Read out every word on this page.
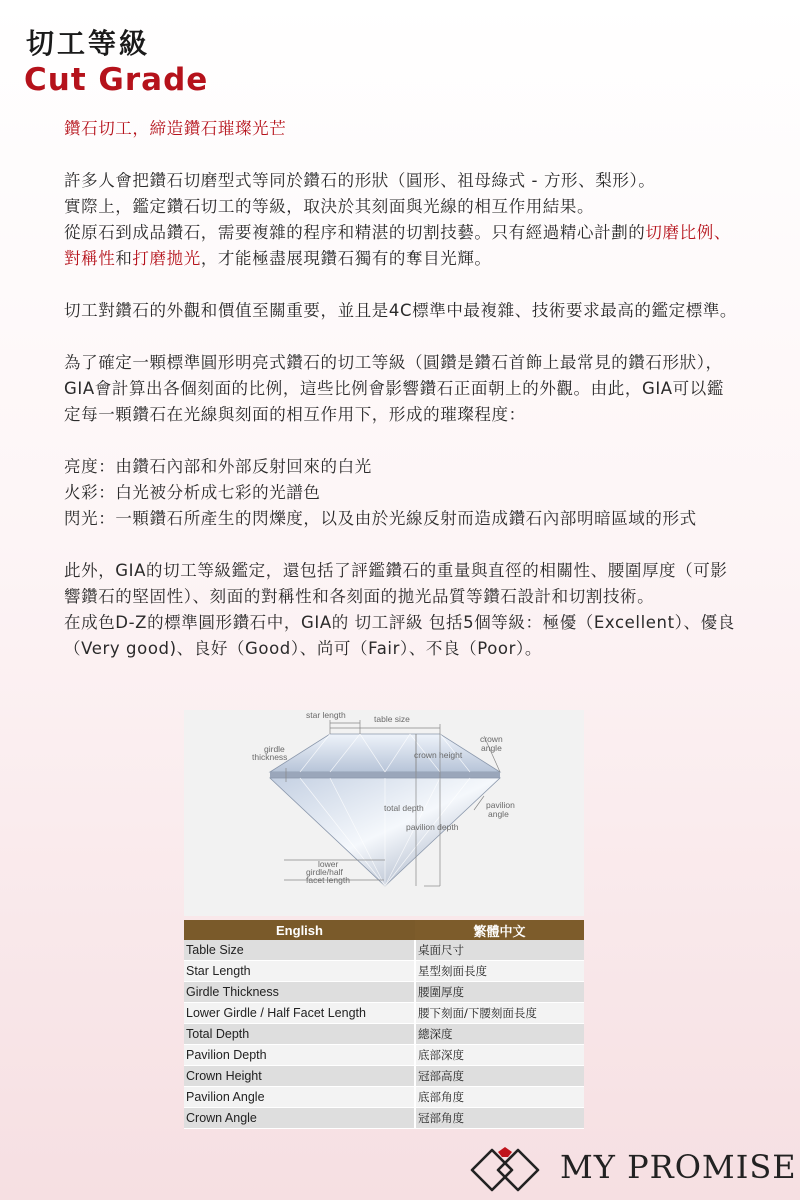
切工等級
Cut Grade

鑽石切工，締造鑽石璀璨光芒

許多人會把鑽石切磨型式等同於鑽石的形狀（圓形、祖母綠式 - 方形、梨形）。
實際上，鑑定鑽石切工的等級，取決於其刻面與光線的相互作用結果。
從原石到成品鑽石，需要複雜的程序和精湛的切割技藝。只有經過精心計劃的切磨比例、對稱性和打磨拋光，才能極盡展現鑽石獨有的奪目光輝。

切工對鑽石的外觀和價值至關重要，並且是4C標準中最複雜、技術要求最高的鑑定標準。

為了確定一顆標準圓形明亮式鑽石的切工等級（圓鑽是鑽石首飾上最常見的鑽石形狀），GIA會計算出各個刻面的比例，這些比例會影響鑽石正面朝上的外觀。由此，GIA可以鑑定每一顆鑽石在光線與刻面的相互作用下，形成的璀璨程度：

亮度： 由鑽石內部和外部反射回來的白光
火彩： 白光被分析成七彩的光譜色
閃光： 一顆鑽石所產生的閃爍度，以及由於光線反射而造成鑽石內部明暗區域的形式

此外，GIA的切工等級鑑定，還包括了評鑑鑽石的重量與直徑的相關性、腰圍厚度（可影響鑽石的堅固性）、刻面的對稱性和各刻面的拋光品質等鑽石設計和切割技術。

在成色D-Z的標準圓形鑽石中，GIA的 切工評級 包括5個等級：極優（Excellent）、優良（Very good)、良好（Good）、尚可（Fair）、不良（Poor）。

star length	table size
girdle
thickness
crown
angle
crown height
total depth	pavilion
angle
pavilion depth
lower
girdle/half
facet length
English	繁體中文
Table Size	桌面尺寸
Star Length	星型刻面長度
Girdle Thickness	腰圍厚度
Lower Girdle / Half Facet Length	腰下刻面/下腰刻面長度
Total Depth	總深度
Pavilion Depth	底部深度
Crown Height	冠部高度
Pavilion Angle	底部角度
Crown Angle	冠部角度
MY PROMISE
